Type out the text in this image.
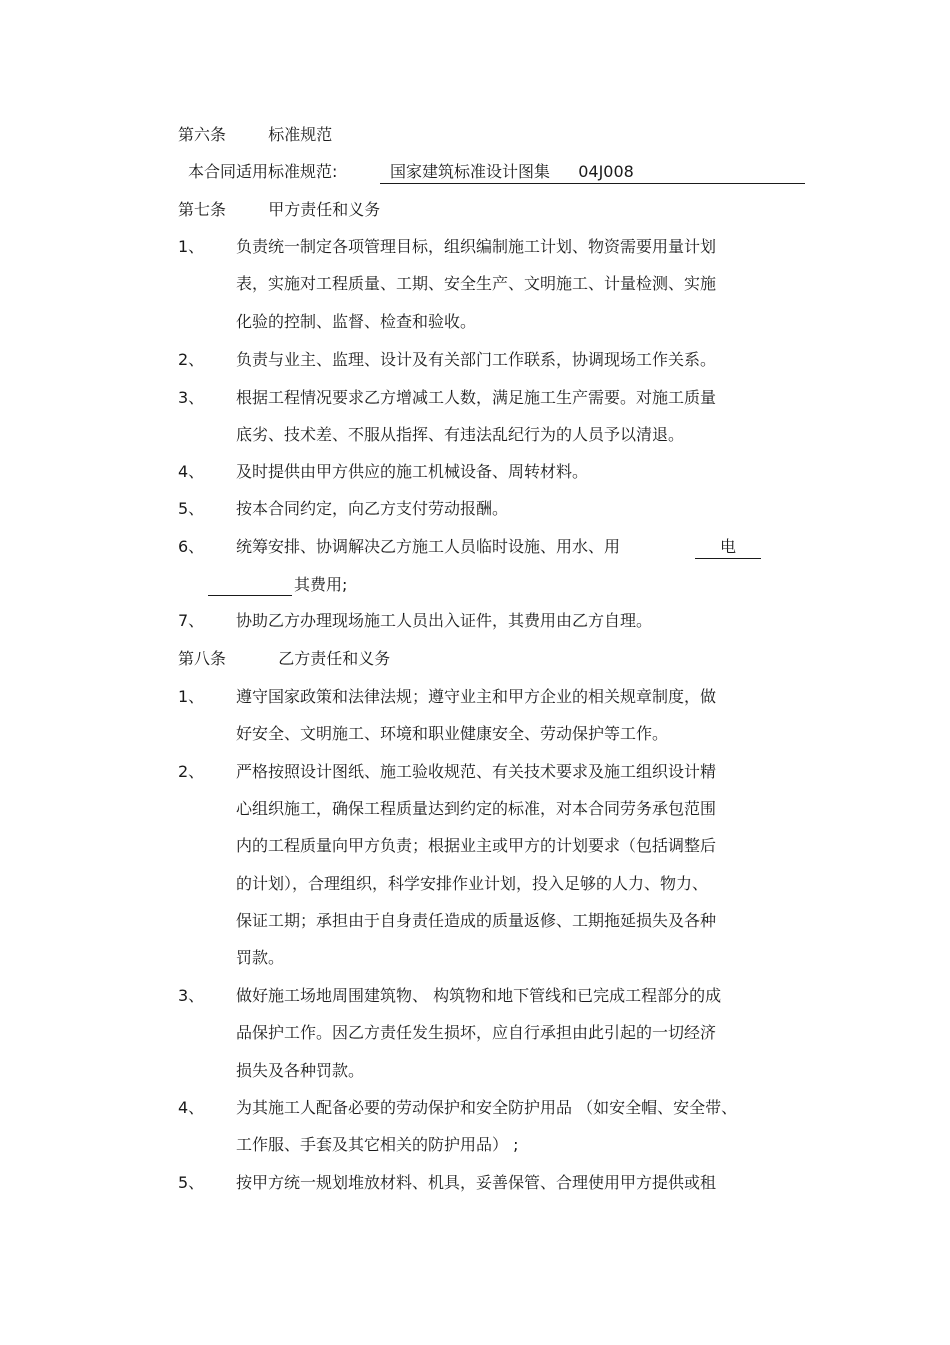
第六条	标准规范
本合同适用标准规范:	国家建筑标准设计图集 04J008
第七条	甲方责任和义务
1、 负责统一制定各项管理目标，组织编制施工计划、物资需要用量计划
表，实施对工程质量、工期、安全生产、文明施工、计量检测、实施
化验的控制、监督、检查和验收。
2、 负责与业主、监理、设计及有关部门工作联系，协调现场工作关系。
3、 根据工程情况要求乙方增减工人数，满足施工生产需要。对施工质量
底劣、技术差、不服从指挥、有违法乱纪行为的人员予以清退。
4、 及时提供由甲方供应的施工机械设备、周转材料。
5、 按本合同约定，向乙方支付劳动报酬。
6、 统筹安排、协调解决乙方施工人员临时设施、用水、用	电
其费用;
7、 协助乙方办理现场施工人员出入证件，其费用由乙方自理。
第八条	乙方责任和义务
1、 遵守国家政策和法律法规；遵守业主和甲方企业的相关规章制度，做
好安全、文明施工、环境和职业健康安全、劳动保护等工作。
2、 严格按照设计图纸、施工验收规范、有关技术要求及施工组织设计精
心组织施工，确保工程质量达到约定的标准，对本合同劳务承包范围
内的工程质量向甲方负责；根据业主或甲方的计划要求（包括调整后
的计划），合理组织，科学安排作业计划，投入足够的人力、物力、
保证工期；承担由于自身责任造成的质量返修、工期拖延损失及各种
罚款。
3、 做好施工场地周围建筑物、 构筑物和地下管线和已完成工程部分的成
品保护工作。因乙方责任发生损坏，应自行承担由此引起的一切经济
损失及各种罚款。
4、 为其施工人配备必要的劳动保护和安全防护用品 （如安全帽、安全带、
工作服、手套及其它相关的防护用品） ;
5、 按甲方统一规划堆放材料、机具，妥善保管、合理使用甲方提供或租
